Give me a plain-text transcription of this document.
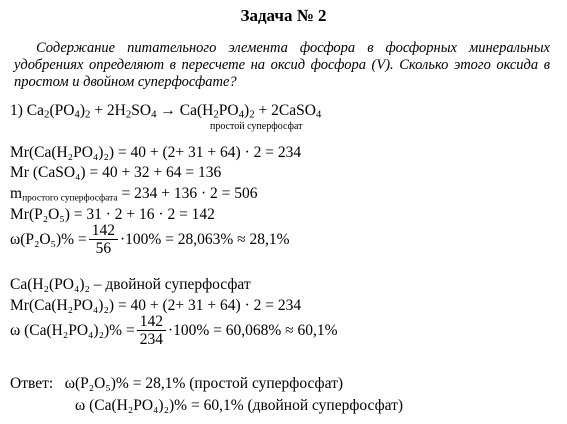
Задача № 2
Содержание питательного элемента фосфора в фосфорных минеральных удобрениях определяют в пересчете на оксид фосфора (V). Сколько этого оксида в простом и двойном суперфосфате?
1) $Ca_2(PO_4)_2 + 2H_2SO_4 \to Ca(H_2PO_4)_2$ + 2CaSO$_4$
простой суперфосфат
Mr(Ca(H₂PO₄)₂) = 40 + (2+ 31 + 64) · 2 = 234
Mr (CaSO₄) = 40 + 32 + 64 = 136
$m_{простого суперфосфата} = 234 + 136 \cdot 2 = 506$
Mr(P₂O₅) = 31 · 2 + 16 · 2 = 142
$\omega(P_2O_5)\% = \frac{142}{56} \cdot 100\% = 28,063\% \approx 28,1\%$
Ca(H₂(PO₄)₂ – двойной суперфосфат
Mr(Ca(H₂PO₄)₂) = 40 + (2+ 31 + 64) · 2 = 234
ω $(Ca(H_2PO_4)_2)\% = \frac{142}{234} \cdot 100\% = 60,068\% \approx 60,1\%$
Ответ: ω(P₂O₅)% = 28,1% (простой суперфосфат)
ω (Ca(H₂PO₄)₂)% = 60,1% (двойной суперфосфат)
